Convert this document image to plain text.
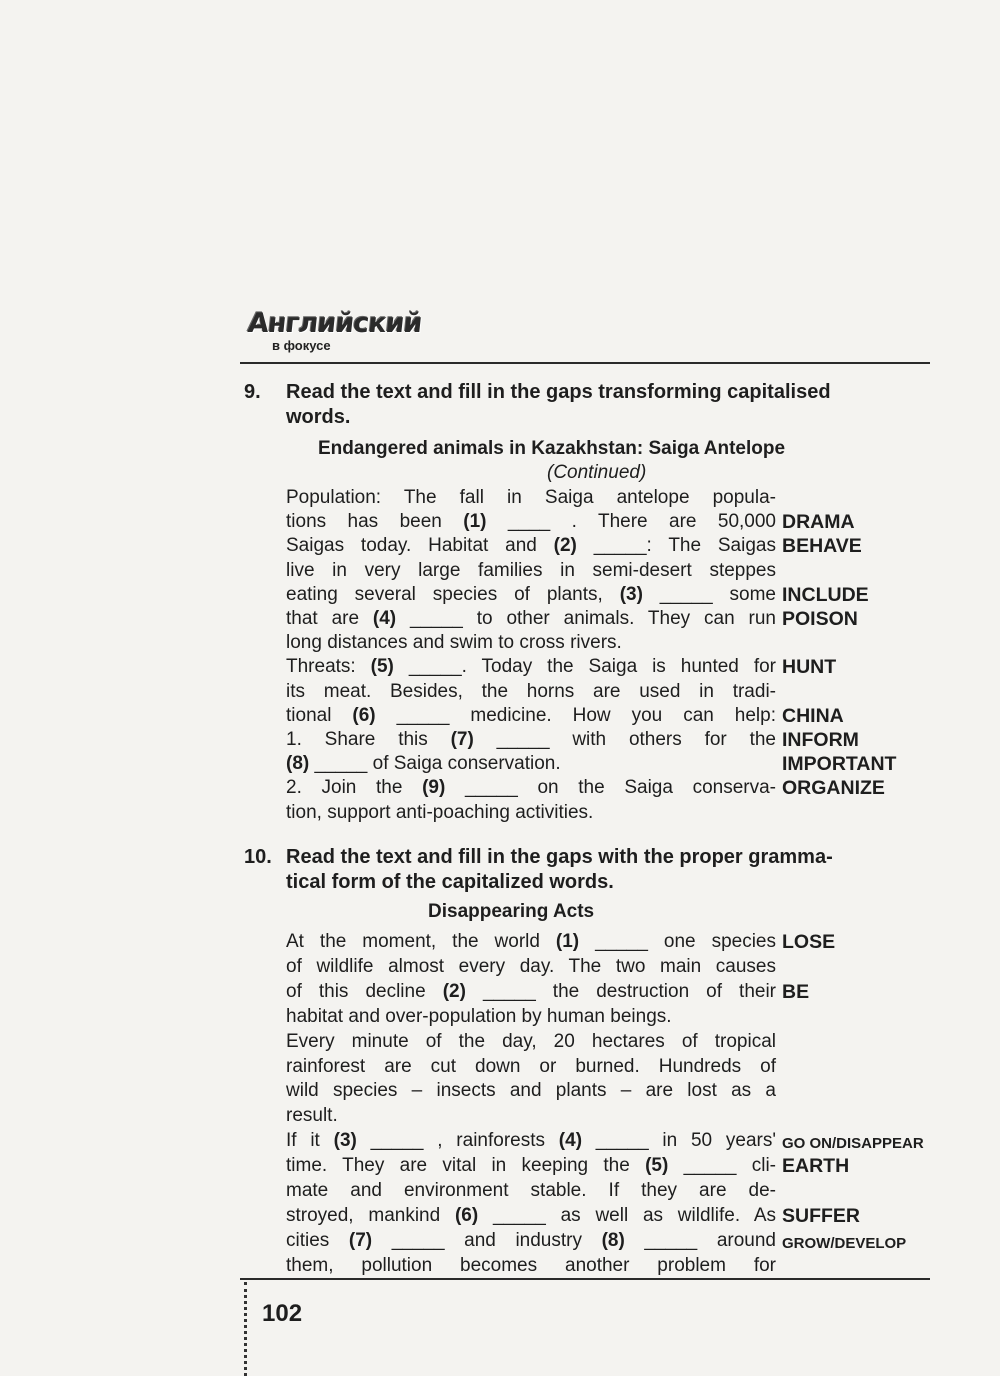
Английский
в фокусе
9. Read the text and fill in the gaps transforming capitalised
words.
Endangered animals in Kazakhstan: Saiga Antelope
(Continued)
Population: The fall in Saiga antelope popula-
tions has been (1) ____ . There are 50,000
Saigas today. Habitat and (2) _____: The Saigas
live in very large families in semi-desert steppes
eating several species of plants, (3) _____ some
that are (4) _____ to other animals. They can run
long distances and swim to cross rivers.
Threats: (5) _____. Today the Saiga is hunted for
its meat. Besides, the horns are used in tradi-
tional (6) _____ medicine. How you can help:
1. Share this (7) _____ with others for the
(8) _____ of Saiga conservation.
2. Join the (9) _____ on the Saiga conserva-
tion, support anti-poaching activities.
DRAMA
BEHAVE
INCLUDE
POISON
HUNT
CHINA
INFORM
IMPORTANT
ORGANIZE
10. Read the text and fill in the gaps with the proper gramma-
tical form of the capitalized words.
Disappearing Acts
At the moment, the world (1) _____ one species
of wildlife almost every day. The two main causes
of this decline (2) _____ the destruction of their
habitat and over-population by human beings.
Every minute of the day, 20 hectares of tropical
rainforest are cut down or burned. Hundreds of
wild species – insects and plants – are lost as a
result.
If it (3) _____ , rainforests (4) _____ in 50 years'
time. They are vital in keeping the (5) _____ cli-
mate and environment stable. If they are de-
stroyed, mankind (6) _____ as well as wildlife. As
cities (7) _____ and industry (8) _____ around
them, pollution becomes another problem for
LOSE
BE
GO ON/DISAPPEAR
EARTH
SUFFER
GROW/DEVELOP
102
